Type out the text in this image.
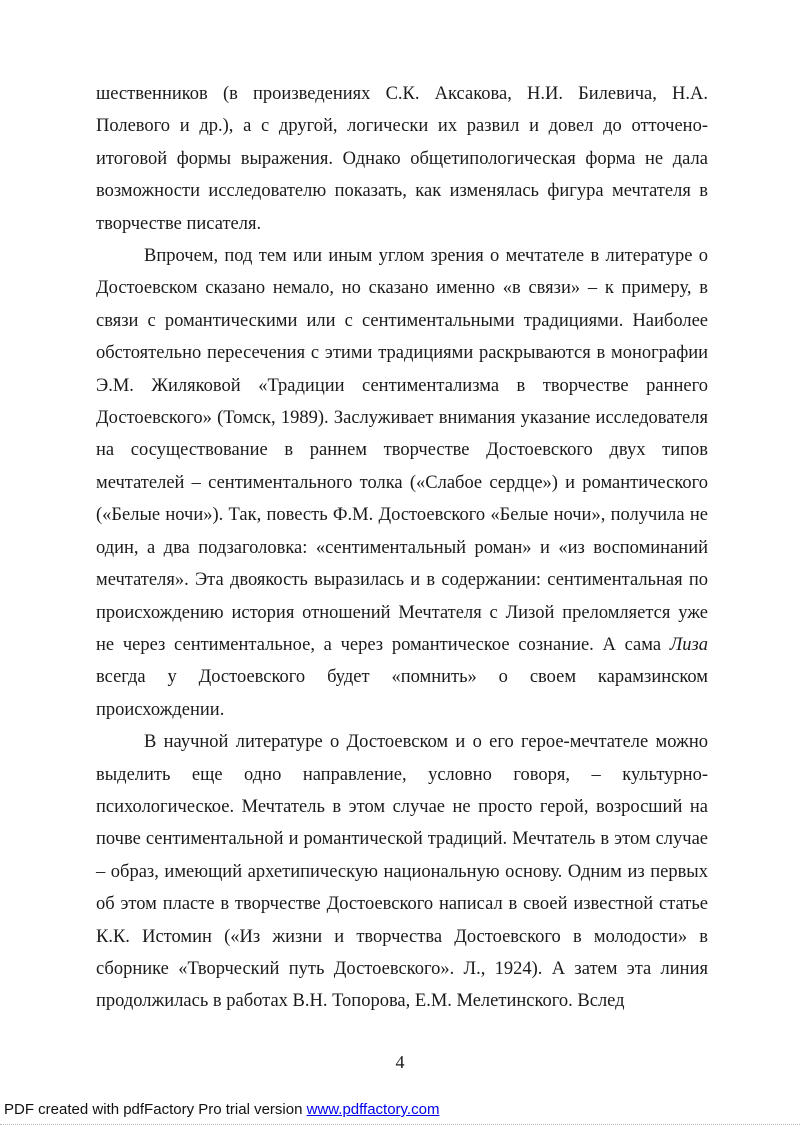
шественников (в произведениях С.К. Аксакова, Н.И. Билевича, Н.А. Полевого и др.), а с другой, логически их развил и довел до отточено-итоговой формы выражения. Однако общетипологическая форма не дала возможности исследователю показать, как изменялась фигура мечтателя в творчестве писателя.

Впрочем, под тем или иным углом зрения о мечтателе в литературе о Достоевском сказано немало, но сказано именно «в связи» – к примеру, в связи с романтическими или с сентиментальными традициями. Наиболее обстоятельно пересечения с этими традициями раскрываются в монографии Э.М. Жиляковой «Традиции сентиментализма в творчестве раннего Достоевского» (Томск, 1989). Заслуживает внимания указание исследователя на сосуществование в раннем творчестве Достоевского двух типов мечтателей – сентиментального толка («Слабое сердце») и романтического («Белые ночи»). Так, повесть Ф.М. Достоевского «Белые ночи», получила не один, а два подзаголовка: «сентиментальный роман» и «из воспоминаний мечтателя». Эта двоякость выразилась и в содержании: сентиментальная по происхождению история отношений Мечтателя с Лизой преломляется уже не через сентиментальное, а через романтическое сознание. А сама Лиза всегда у Достоевского будет «помнить» о своем карамзинском происхождении.

В научной литературе о Достоевском и о его герое-мечтателе можно выделить еще одно направление, условно говоря, – культурно-психологическое. Мечтатель в этом случае не просто герой, возросший на почве сентиментальной и романтической традиций. Мечтатель в этом случае – образ, имеющий архетипическую национальную основу. Одним из первых об этом пласте в творчестве Достоевского написал в своей известной статье К.К. Истомин («Из жизни и творчества Достоевского в молодости» в сборнике «Творческий путь Достоевского». Л., 1924). А затем эта линия продолжилась в работах В.Н. Топорова, Е.М. Мелетинского. Вслед

4
PDF created with pdfFactory Pro trial version www.pdffactory.com
